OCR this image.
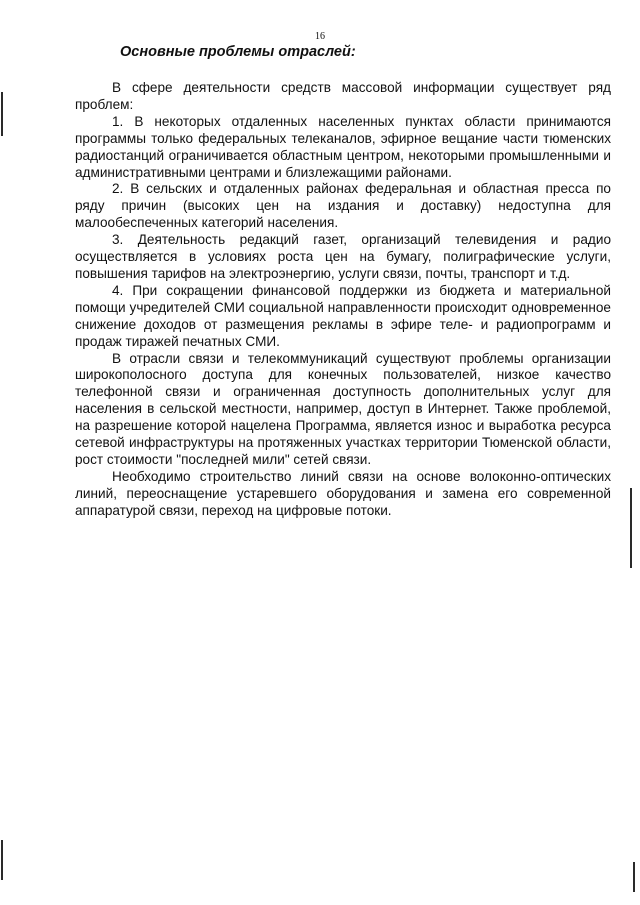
16
Основные проблемы отраслей:

В сфере деятельности средств массовой информации существует ряд проблем:

1. В некоторых отдаленных населенных пунктах области принимаются программы только федеральных телеканалов, эфирное вещание части тюменских радиостанций ограничивается областным центром, некоторыми промышленными и административными центрами и близлежащими районами.

2. В сельских и отдаленных районах федеральная и областная пресса по ряду причин (высоких цен на издания и доставку) недоступна для малообеспеченных категорий населения.

3. Деятельность редакций газет, организаций телевидения и радио осуществляется в условиях роста цен на бумагу, полиграфические услуги, повышения тарифов на электроэнергию, услуги связи, почты, транспорт и т.д.

4. При сокращении финансовой поддержки из бюджета и материальной помощи учредителей СМИ социальной направленности происходит одновременное снижение доходов от размещения рекламы в эфире теле- и радиопрограмм и продаж тиражей печатных СМИ.

В отрасли связи и телекоммуникаций существуют проблемы организации широкополосного доступа для конечных пользователей, низкое качество телефонной связи и ограниченная доступность дополнительных услуг для населения в сельской местности, например, доступ в Интернет. Также проблемой, на разрешение которой нацелена Программа, является износ и выработка ресурса сетевой инфраструктуры на протяженных участках территории Тюменской области, рост стоимости "последней мили" сетей связи.

Необходимо строительство линий связи на основе волоконно-оптических линий, переоснащение устаревшего оборудования и замена его современной аппаратурой связи, переход на цифровые потоки.
